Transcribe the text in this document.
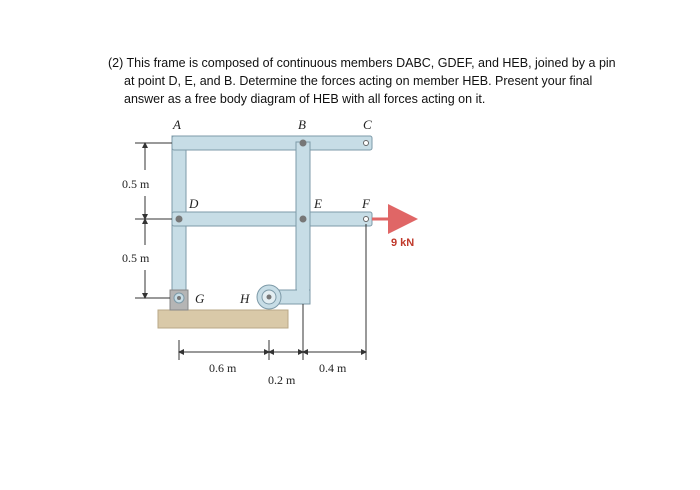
(2) This frame is composed of continuous members DABC, GDEF, and HEB, joined by a pin
at point D, E, and B. Determine the forces acting on member HEB. Present your final
answer as a free body diagram of HEB with all forces acting on it.
9 kN
A	B	C
D	E	F
G	H
0.5 m
0.5 m
0.6 m
0.2 m
0.4 m
